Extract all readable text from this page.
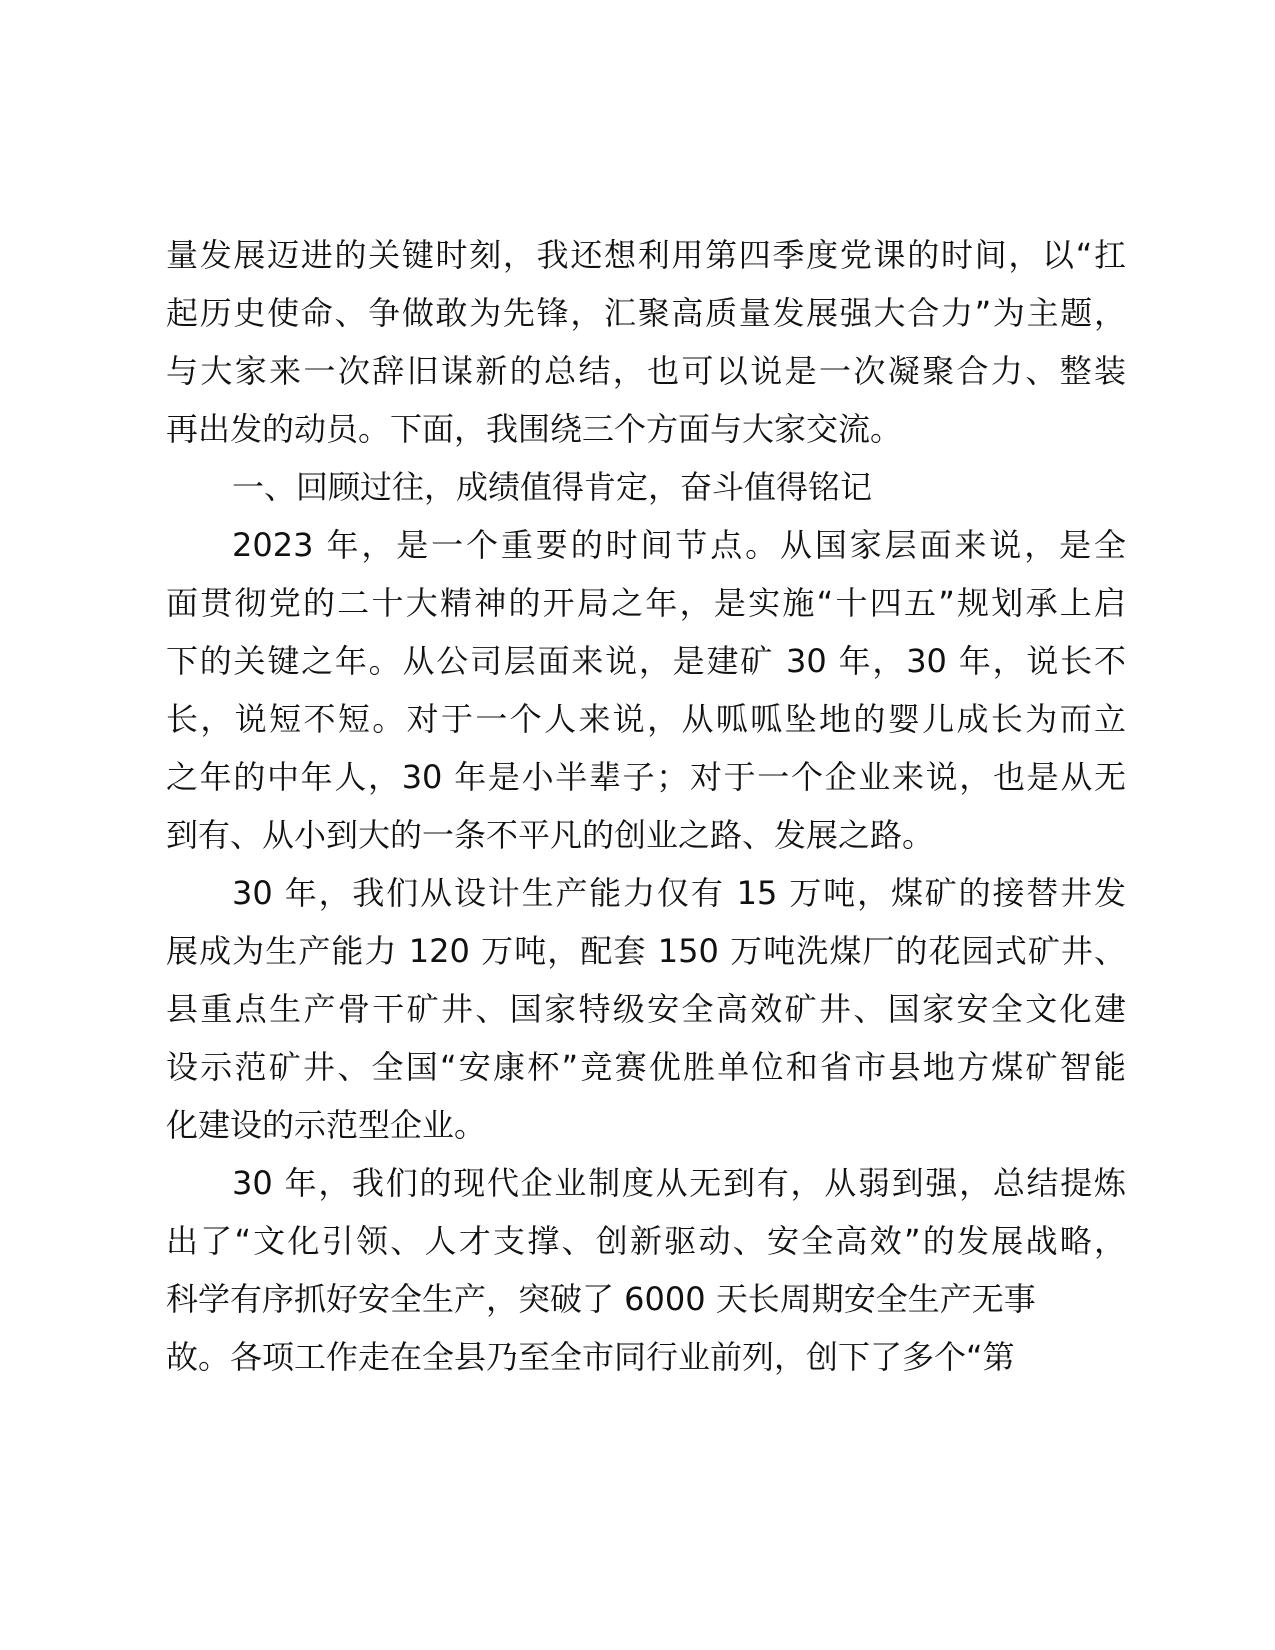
量发展迈进的关键时刻，我还想利用第四季度党课的时间，以“扛
起历史使命、争做敢为先锋，汇聚高质量发展强大合力”为主题，
与大家来一次辞旧谋新的总结，也可以说是一次凝聚合力、整装
再出发的动员。下面，我围绕三个方面与大家交流。
一、回顾过往，成绩值得肯定，奋斗值得铭记
2023 年，是一个重要的时间节点。从国家层面来说，是全
面贯彻党的二十大精神的开局之年，是实施“十四五”规划承上启
下的关键之年。从公司层面来说，是建矿 30 年，30 年，说长不
长，说短不短。对于一个人来说，从呱呱坠地的婴儿成长为而立
之年的中年人，30 年是小半辈子；对于一个企业来说，也是从无
到有、从小到大的一条不平凡的创业之路、发展之路。
30 年，我们从设计生产能力仅有 15 万吨，煤矿的接替井发
展成为生产能力 120 万吨，配套 150 万吨洗煤厂的花园式矿井、
县重点生产骨干矿井、国家特级安全高效矿井、国家安全文化建
设示范矿井、全国“安康杯”竞赛优胜单位和省市县地方煤矿智能
化建设的示范型企业。
30 年，我们的现代企业制度从无到有，从弱到强，总结提炼
出了“文化引领、人才支撑、创新驱动、安全高效”的发展战略，
科学有序抓好安全生产，突破了 6000 天长周期安全生产无事
故。各项工作走在全县乃至全市同行业前列，创下了多个“第
